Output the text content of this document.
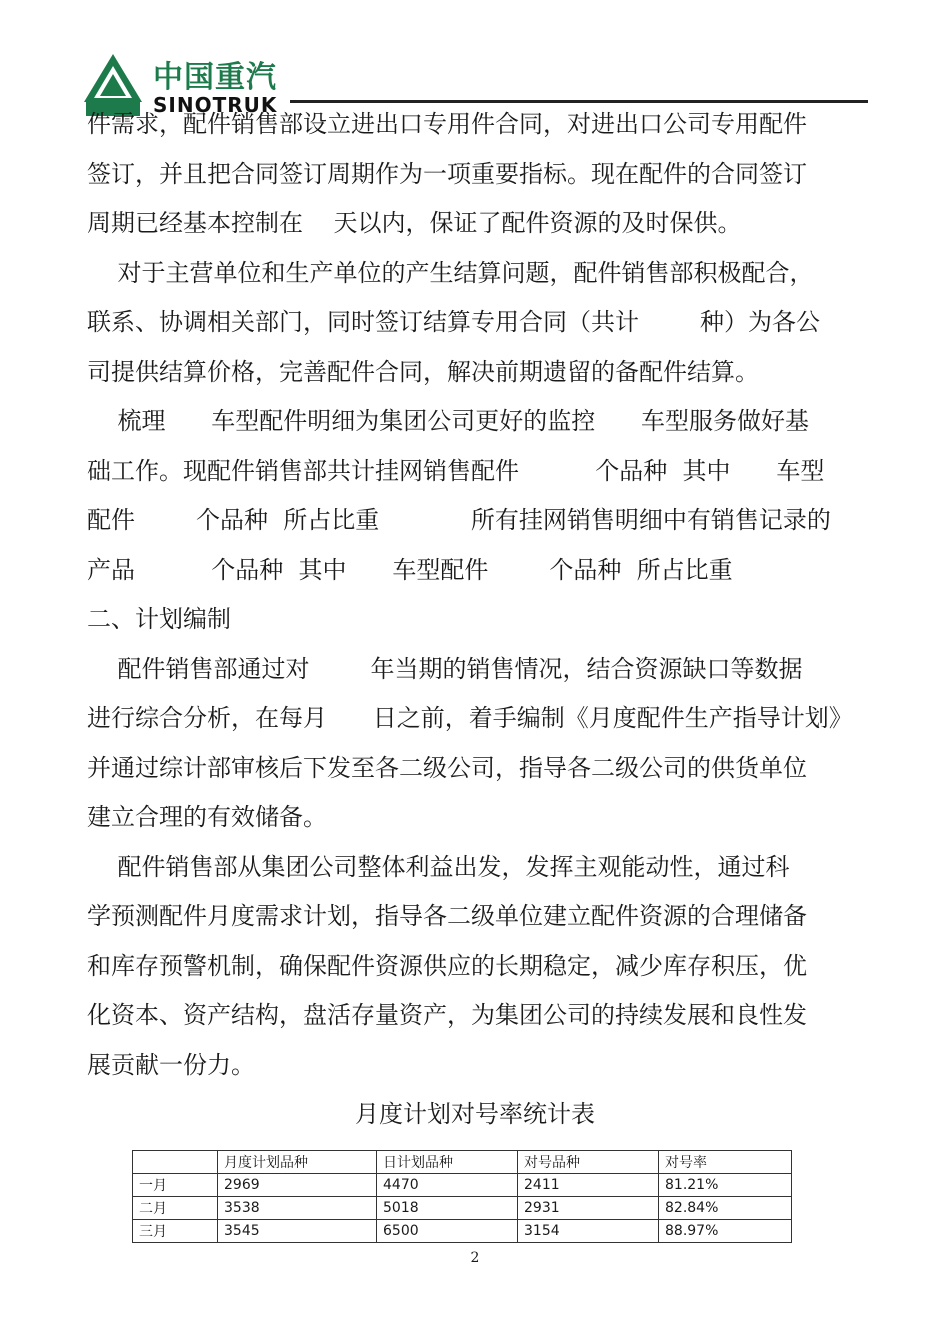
中国重汽
SINOTRUK
件需求，配件销售部设立进出口专用件合同，对进出口公司专用配件
签订，并且把合同签订周期作为一项重要指标。现在配件的合同签订
周期已经基本控制在    天以内，保证了配件资源的及时保供。
对于主营单位和生产单位的产生结算问题，配件销售部积极配合，
联系、协调相关部门，同时签订结算专用合同（共计        种）为各公
司提供结算价格，完善配件合同，解决前期遗留的备配件结算。
梳理      车型配件明细为集团公司更好的监控      车型服务做好基
础工作。现配件销售部共计挂网销售配件          个品种  其中      车型
配件        个品种  所占比重            所有挂网销售明细中有销售记录的
产品          个品种  其中      车型配件        个品种  所占比重
二、计划编制
配件销售部通过对        年当期的销售情况，结合资源缺口等数据
进行综合分析，在每月      日之前，着手编制《月度配件生产指导计划》
并通过综计部审核后下发至各二级公司，指导各二级公司的供货单位
建立合理的有效储备。
配件销售部从集团公司整体利益出发，发挥主观能动性，通过科
学预测配件月度需求计划，指导各二级单位建立配件资源的合理储备
和库存预警机制，确保配件资源供应的长期稳定，减少库存积压，优
化资本、资产结构，盘活存量资产，为集团公司的持续发展和良性发
展贡献一份力。
月度计划对号率统计表
	月度计划品种	日计划品种	对号品种	对号率
一月	2969	4470	2411	81.21%
二月	3538	5018	2931	82.84%
三月	3545	6500	3154	88.97%
2
